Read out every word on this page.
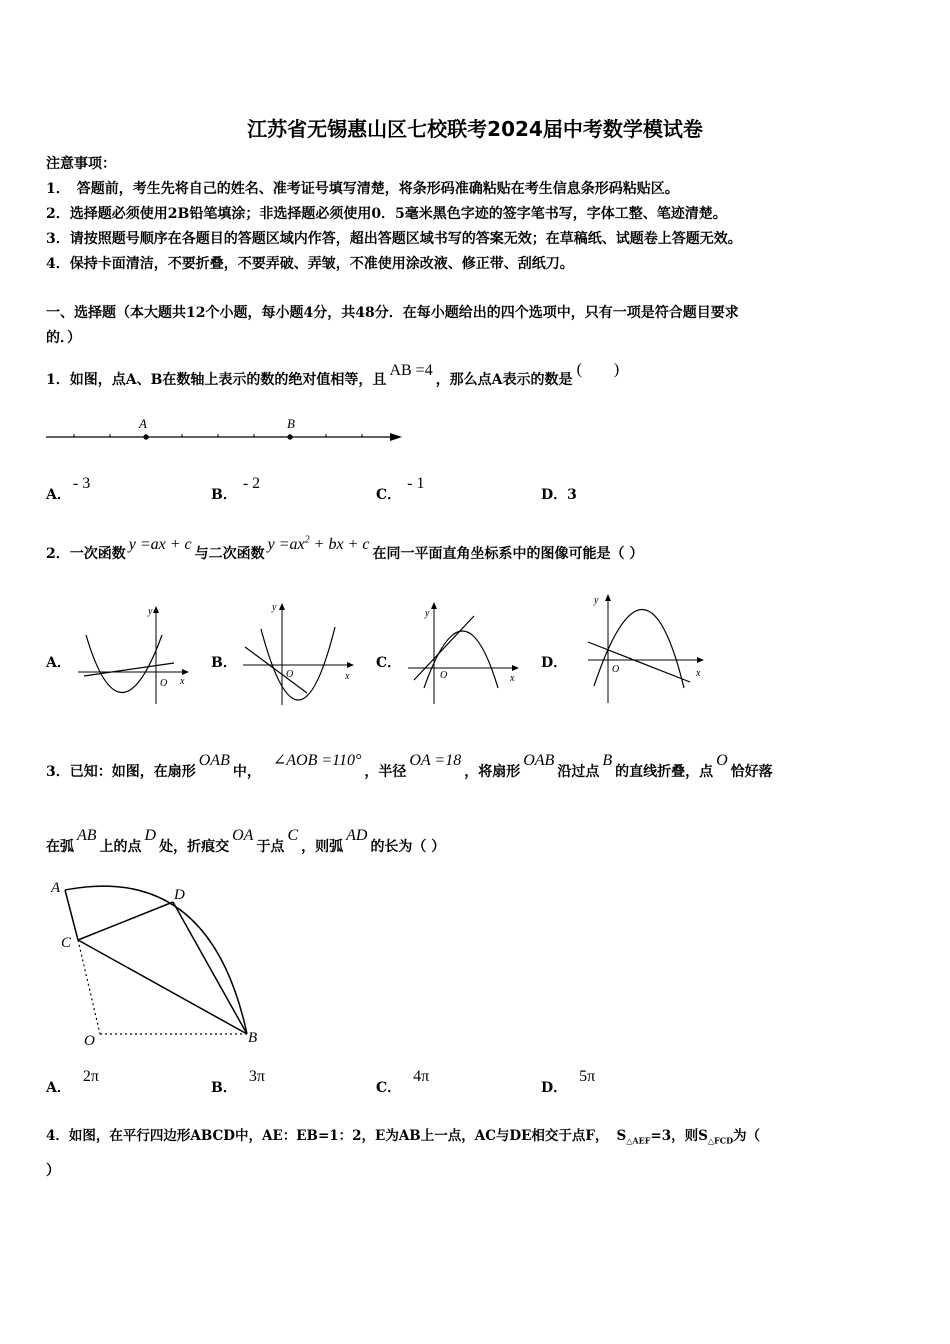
江苏省无锡惠山区七校联考2024届中考数学模试卷
注意事项：
1．　答题前，考生先将自己的姓名、准考证号填写清楚，将条形码准确粘贴在考生信息条形码粘贴区。
2．选择题必须使用2B铅笔填涂；非选择题必须使用0．5毫米黑色字迹的签字笔书写，字体工整、笔迹清楚。
3．请按照题号顺序在各题目的答题区域内作答，超出答题区域书写的答案无效；在草稿纸、试题卷上答题无效。
4．保持卡面清洁，不要折叠，不要弄破、弄皱，不准使用涂改液、修正带、刮纸刀。
一、选择题（本大题共12个小题，每小题4分，共48分．在每小题给出的四个选项中，只有一项是符合题目要求
的．）
1．如图，点A、B在数轴上表示的数的绝对值相等，且AB =4，那么点A表示的数是(　　)
A	B
A．- 3
B．- 2
C．- 1
D．3
2．一次函数y =ax + c与二次函数$y =ax^2$ + bx + c在同一平面直角坐标系中的图像可能是（ ）
A．	B．	C．	D．
y
x
O
y
x
O
y
x
O
y
x
O
3．已知：如图，在扇形OAB中，∠AOB =110°，半径OA =18，将扇形OAB沿过点B的直线折叠，点O恰好落
在弧AB上的点D处，折痕交OA于点C，则弧AD的长为（ ）
A	D
C
O	B
A．2π
B．3π
C．4π
D．5π
4．如图，在平行四边形ABCD中，AE：EB=1：2，E为AB上一点，AC与DE相交于点F， $S_{\triangle AEF}=3$，则$S_{\triangle FCD}$为（
）
